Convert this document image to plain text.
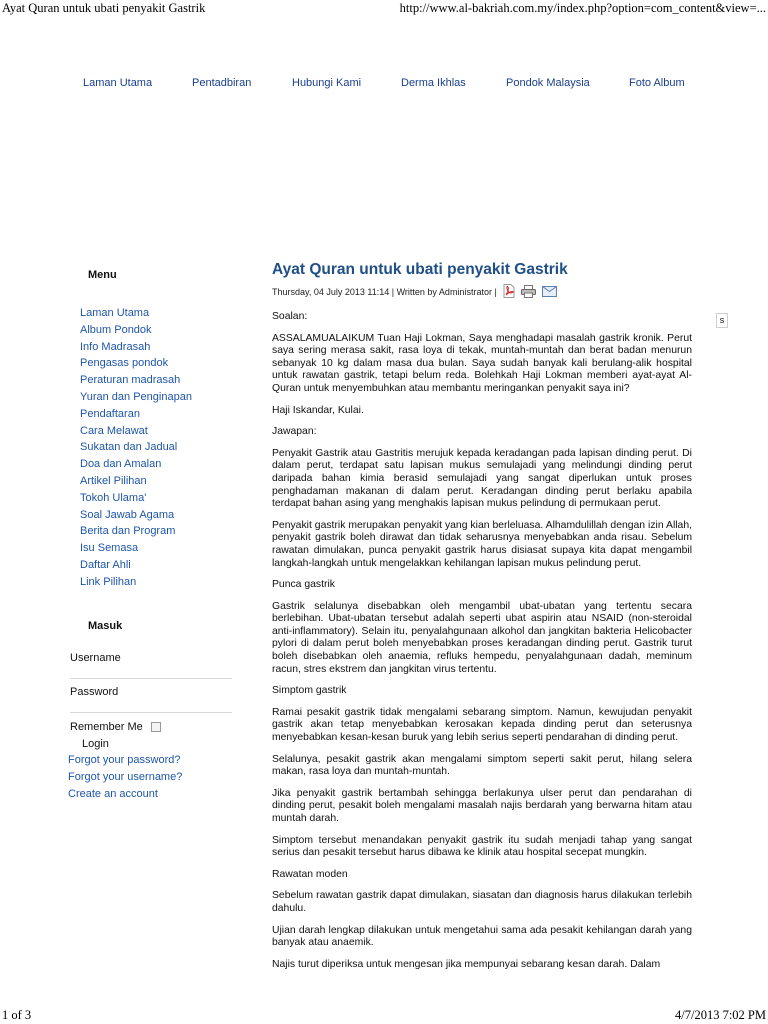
Ayat Quran untuk ubati penyakit Gastrik	http://www.al-bakriah.com.my/index.php?option=com_content&view=...
Laman Utama	Pentadbiran	Hubungi Kami	Derma Ikhlas	Pondok Malaysia	Foto Album
Menu
Laman Utama
Album Pondok
Info Madrasah
Pengasas pondok
Peraturan madrasah
Yuran dan Penginapan
Pendaftaran
Cara Melawat
Sukatan dan Jadual
Doa dan Amalan
Artikel Pilihan
Tokoh Ulama'
Soal Jawab Agama
Berita dan Program
Isu Semasa
Daftar Ahli
Link Pilihan
Masuk
Username
Password
Remember Me
Login
Forgot your password?
Forgot your username?
Create an account
s
Ayat Quran untuk ubati penyakit Gastrik
Thursday, 04 July 2013 11:14 | Written by Administrator |

Soalan:

ASSALAMUALAIKUM Tuan Haji Lokman, Saya menghadapi masalah gastrik kronik. Perut saya sering merasa sakit, rasa loya di tekak, muntah-muntah dan berat badan menurun sebanyak 10 kg dalam masa dua bulan. Saya sudah banyak kali berulang-alik hospital untuk rawatan gastrik, tetapi belum reda. Bolehkah Haji Lokman memberi ayat-ayat Al-Quran untuk menyembuhkan atau membantu meringankan penyakit saya ini?

Haji Iskandar, Kulai.

Jawapan:

Penyakit Gastrik atau Gastritis merujuk kepada keradangan pada lapisan dinding perut. Di dalam perut, terdapat satu lapisan mukus semulajadi yang melindungi dinding perut daripada bahan kimia berasid semulajadi yang sangat diperlukan untuk proses penghadaman makanan di dalam perut. Keradangan dinding perut berlaku apabila terdapat bahan asing yang menghakis lapisan mukus pelindung di permukaan perut.

Penyakit gastrik merupakan penyakit yang kian berleluasa. Alhamdulillah dengan izin Allah, penyakit gastrik boleh dirawat dan tidak seharusnya menyebabkan anda risau. Sebelum rawatan dimulakan, punca penyakit gastrik harus disiasat supaya kita dapat mengambil langkah-langkah untuk mengelakkan kehilangan lapisan mukus pelindung perut.

Punca gastrik

Gastrik selalunya disebabkan oleh mengambil ubat-ubatan yang tertentu secara berlebihan. Ubat-ubatan tersebut adalah seperti ubat aspirin atau NSAID (non-steroidal anti-inflammatory). Selain itu, penyalahgunaan alkohol dan jangkitan bakteria Helicobacter pylori di dalam perut boleh menyebabkan proses keradangan dinding perut. Gastrik turut boleh disebabkan oleh anaemia, refluks hempedu, penyalahgunaan dadah, meminum racun, stres ekstrem dan jangkitan virus tertentu.

Simptom gastrik

Ramai pesakit gastrik tidak mengalami sebarang simptom. Namun, kewujudan penyakit gastrik akan tetap menyebabkan kerosakan kepada dinding perut dan seterusnya menyebabkan kesan-kesan buruk yang lebih serius seperti pendarahan di dinding perut.

Selalunya, pesakit gastrik akan mengalami simptom seperti sakit perut, hilang selera makan, rasa loya dan muntah-muntah.

Jika penyakit gastrik bertambah sehingga berlakunya ulser perut dan pendarahan di dinding perut, pesakit boleh mengalami masalah najis berdarah yang berwarna hitam atau muntah darah.

Simptom tersebut menandakan penyakit gastrik itu sudah menjadi tahap yang sangat serius dan pesakit tersebut harus dibawa ke klinik atau hospital secepat mungkin.

Rawatan moden

Sebelum rawatan gastrik dapat dimulakan, siasatan dan diagnosis harus dilakukan terlebih dahulu.

Ujian darah lengkap dilakukan untuk mengetahui sama ada pesakit kehilangan darah yang banyak atau anaemik.

Najis turut diperiksa untuk mengesan jika mempunyai sebarang kesan darah. Dalam

1 of 3	4/7/2013 7:02 PM
